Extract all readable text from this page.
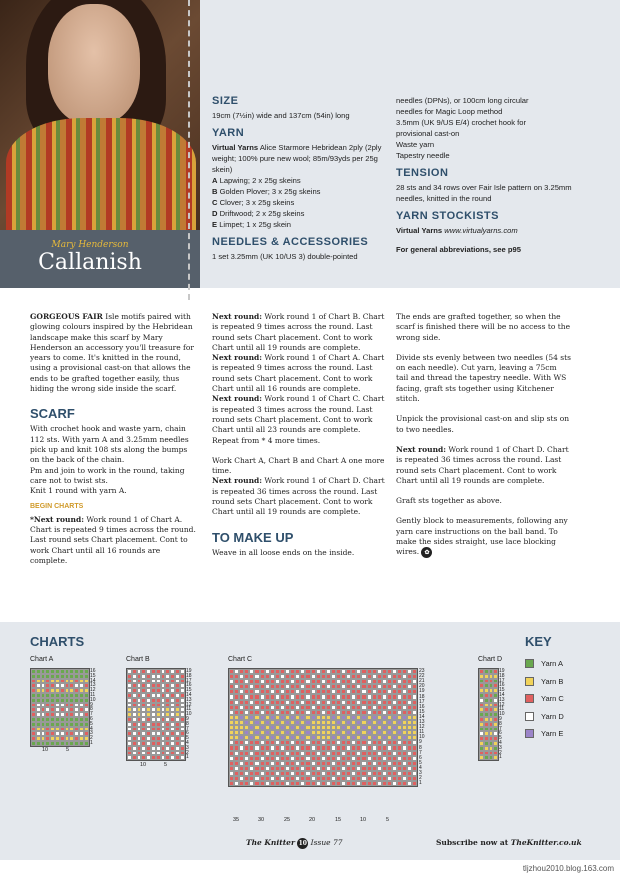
Mary Henderson
Callanish
SIZE

19cm (7½in) wide and 137cm (54in) long

YARN

Virtual Yarns Alice Starmore Hebridean 2ply (2ply weight; 100% pure new wool; 85m/93yds per 25g skein)

A Lapwing; 2 x 25g skeins

B Golden Plover; 3 x 25g skeins

C Clover; 3 x 25g skeins

D Driftwood; 2 x 25g skeins

E Limpet; 1 x 25g skein

NEEDLES & ACCESSORIES

1 set 3.25mm (UK 10/US 3) double-pointed

needles (DPNs), or 100cm long circular

needles for Magic Loop method

3.5mm (UK 9/US E/4) crochet hook for

provisional cast-on

Waste yarn

Tapestry needle

TENSION

28 sts and 34 rows over Fair Isle pattern on 3.25mm needles, knitted in the round

YARN STOCKISTS

Virtual Yarns www.virtualyarns.com

For general abbreviations, see p95

GORGEOUS FAIR Isle motifs paired with glowing colours inspired by the Hebridean landscape make this scarf by Mary Henderson an accessory you'll treasure for years to come. It's knitted in the round, using a provisional cast-on that allows the ends to be grafted together easily, thus hiding the wrong side inside the scarf.

SCARF

With crochet hook and waste yarn, chain 112 sts. With yarn A and 3.25mm needles pick up and knit 108 sts along the bumps on the back of the chain.

Pm and join to work in the round, taking care not to twist sts.

Knit 1 round with yarn A.

BEGIN CHARTS

*Next round: Work round 1 of Chart A. Chart is repeated 9 times across the round. Last round sets Chart placement. Cont to work Chart until all 16 rounds are complete.

Next round: Work round 1 of Chart B. Chart is repeated 9 times across the round. Last round sets Chart placement. Cont to work Chart until all 19 rounds are complete.

Next round: Work round 1 of Chart A. Chart is repeated 9 times across the round. Last round sets Chart placement. Cont to work Chart until all 16 rounds are complete.

Next round: Work round 1 of Chart C. Chart is repeated 3 times across the round. Last round sets Chart placement. Cont to work Chart until all 23 rounds are complete.

Repeat from * 4 more times.

Work Chart A, Chart B and Chart A one more time.

Next round: Work round 1 of Chart D. Chart is repeated 36 times across the round. Last round sets Chart placement. Cont to work Chart until all 19 rounds are complete.

TO MAKE UP

Weave in all loose ends on the inside.

The ends are grafted together, so when the scarf is finished there will be no access to the wrong side.

Divide sts evenly between two needles (54 sts on each needle). Cut yarn, leaving a 75cm tail and thread the tapestry needle. With WS facing, graft sts together using Kitchener stitch.

Unpick the provisional cast-on and slip sts on to two needles.

Next round: Work round 1 of Chart D. Chart is repeated 36 times across the round. Last round sets Chart placement. Cont to work Chart until all 19 rounds are complete.

Graft sts together as above.

Gently block to measurements, following any yarn care instructions on the ball band. To make the sides straight, use lace blocking wires. ✿

CHARTS
Chart A	Chart B	Chart C	Chart D
16
15
14
13
12
11
10
9
8
7
6
5
4
3
2
1
19
18
17
16
15
14
13
12
11
10
9
8
7
6
5
4
3
2
1
23
22
21
20
19
18
17
16
15
14
13
12
11
10
9
8
7
6
5
4
3
2
1
19
18
17
16
15
14
13
12
11
10
9
8
7
6
5
4
3
2
1
10	5
10	5
35	30	25	20	15	10	5
KEY
Yarn A
Yarn B
Yarn C
Yarn D
Yarn E
The Knitter 10 Issue 77	Subscribe now at TheKnitter.co.uk
tljzhou2010.blog.163.com
